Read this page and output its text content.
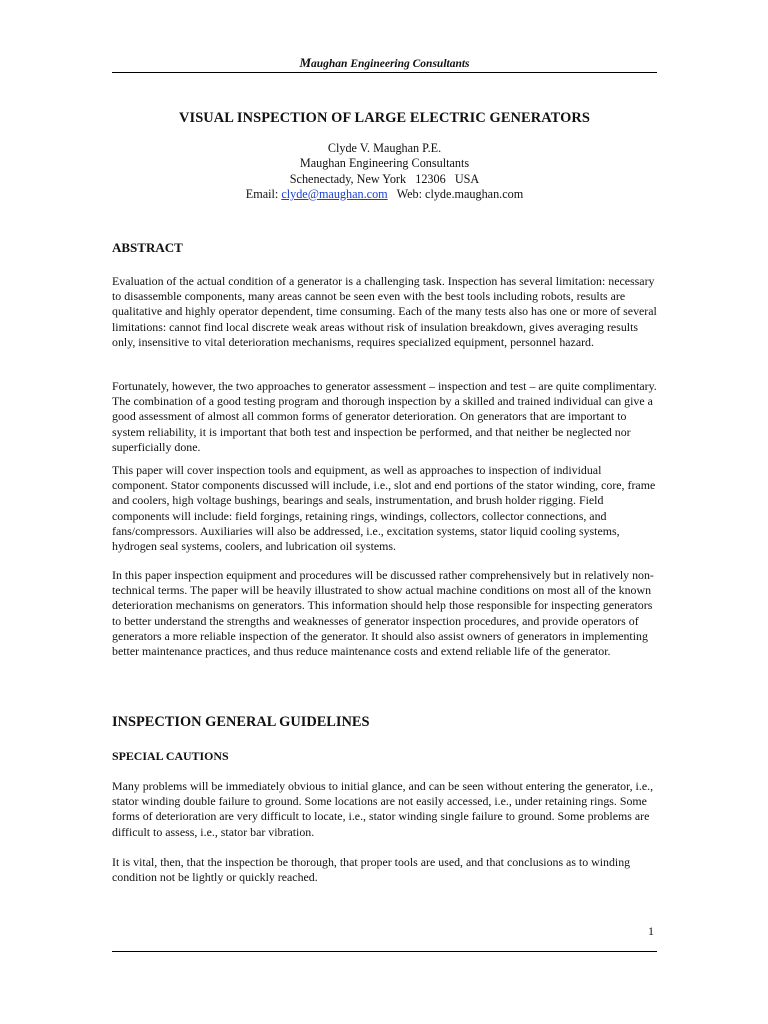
Maughan Engineering Consultants
VISUAL INSPECTION OF LARGE ELECTRIC GENERATORS
Clyde V. Maughan P.E.
Maughan Engineering Consultants
Schenectady, New York   12306   USA
Email: clyde@maughan.com   Web: clyde.maughan.com
ABSTRACT

Evaluation of the actual condition of a generator is a challenging task. Inspection has several limitation: necessary to disassemble components, many areas cannot be seen even with the best tools including robots, results are qualitative and highly operator dependent, time consuming. Each of the many tests also has one or more of several limitations: cannot find local discrete weak areas without risk of insulation breakdown, gives averaging results only, insensitive to vital deterioration mechanisms, requires specialized equipment, personnel hazard.

Fortunately, however, the two approaches to generator assessment – inspection and test – are quite complimentary. The combination of a good testing program and thorough inspection by a skilled and trained individual can give a good assessment of almost all common forms of generator deterioration. On generators that are important to system reliability, it is important that both test and inspection be performed, and that neither be neglected nor superficially done.

This paper will cover inspection tools and equipment, as well as approaches to inspection of individual component. Stator components discussed will include, i.e., slot and end portions of the stator winding, core, frame and coolers, high voltage bushings, bearings and seals, instrumentation, and brush holder rigging. Field components will include: field forgings, retaining rings, windings, collectors, collector connections, and fans/compressors. Auxiliaries will also be addressed, i.e., excitation systems, stator liquid cooling systems, hydrogen seal systems, coolers, and lubrication oil systems.

In this paper inspection equipment and procedures will be discussed rather comprehensively but in relatively non-technical terms. The paper will be heavily illustrated to show actual machine conditions on most all of the known deterioration mechanisms on generators. This information should help those responsible for inspecting generators to better understand the strengths and weaknesses of generator inspection procedures, and provide operators of generators a more reliable inspection of the generator. It should also assist owners of generators in implementing better maintenance practices, and thus reduce maintenance costs and extend reliable life of the generator.

INSPECTION GENERAL GUIDELINES
SPECIAL CAUTIONS

Many problems will be immediately obvious to initial glance, and can be seen without entering the generator, i.e., stator winding double failure to ground. Some locations are not easily accessed, i.e., under retaining rings. Some forms of deterioration are very difficult to locate, i.e., stator winding single failure to ground. Some problems are difficult to assess, i.e., stator bar vibration.

It is vital, then, that the inspection be thorough, that proper tools are used, and that conclusions as to winding condition not be lightly or quickly reached.

1
